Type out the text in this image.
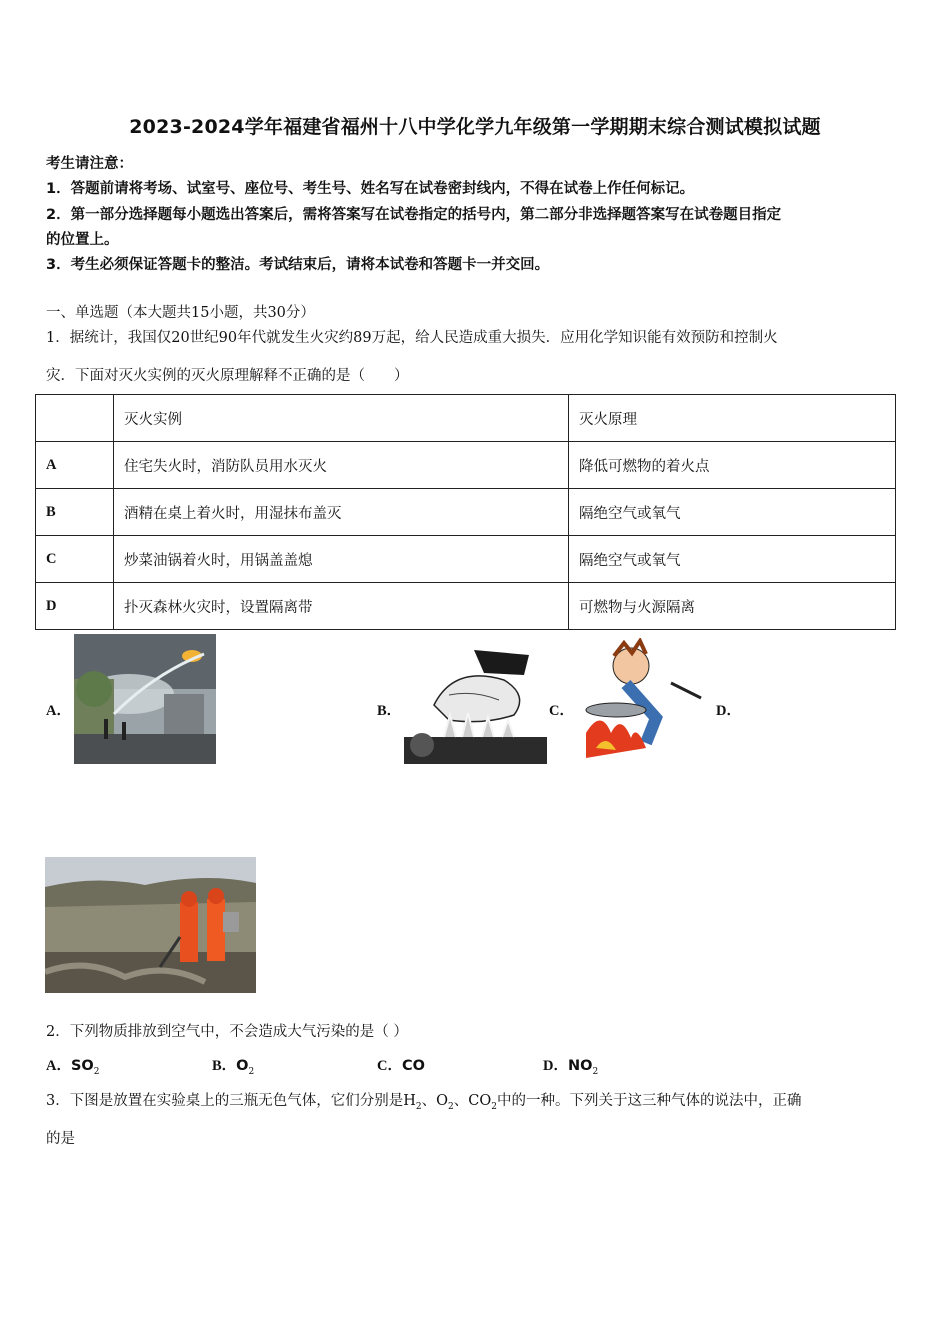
2023-2024学年福建省福州十八中学化学九年级第一学期期末综合测试模拟试题
考生请注意：
1．答题前请将考场、试室号、座位号、考生号、姓名写在试卷密封线内，不得在试卷上作任何标记。
2．第一部分选择题每小题选出答案后，需将答案写在试卷指定的括号内，第二部分非选择题答案写在试卷题目指定
的位置上。
3．考生必须保证答题卡的整洁。考试结束后，请将本试卷和答题卡一并交回。
一、单选题（本大题共15小题，共30分）
1．据统计，我国仅20世纪90年代就发生火灾约89万起，给人民造成重大损失．应用化学知识能有效预防和控制火
灾．下面对灭火实例的灭火原理解释不正确的是（　　）
	灭火实例	灭火原理
A	住宅失火时，消防队员用水灭火	降低可燃物的着火点
B	酒精在桌上着火时，用湿抹布盖灭	隔绝空气或氧气
C	炒菜油锅着火时，用锅盖盖熄	隔绝空气或氧气
D	扑灭森林火灾时，设置隔离带	可燃物与火源隔离
A．	B．	C．	D．
2．下列物质排放到空气中，不会造成大气污染的是（ ）
A．$SO_2$	B．$O_2$	C．CO	D．$NO_2$
3．下图是放置在实验桌上的三瓶无色气体，它们分别是$H_2$、$O_2$、$CO_2$中的一种。下列关于这三种气体的说法中，正确
的是
